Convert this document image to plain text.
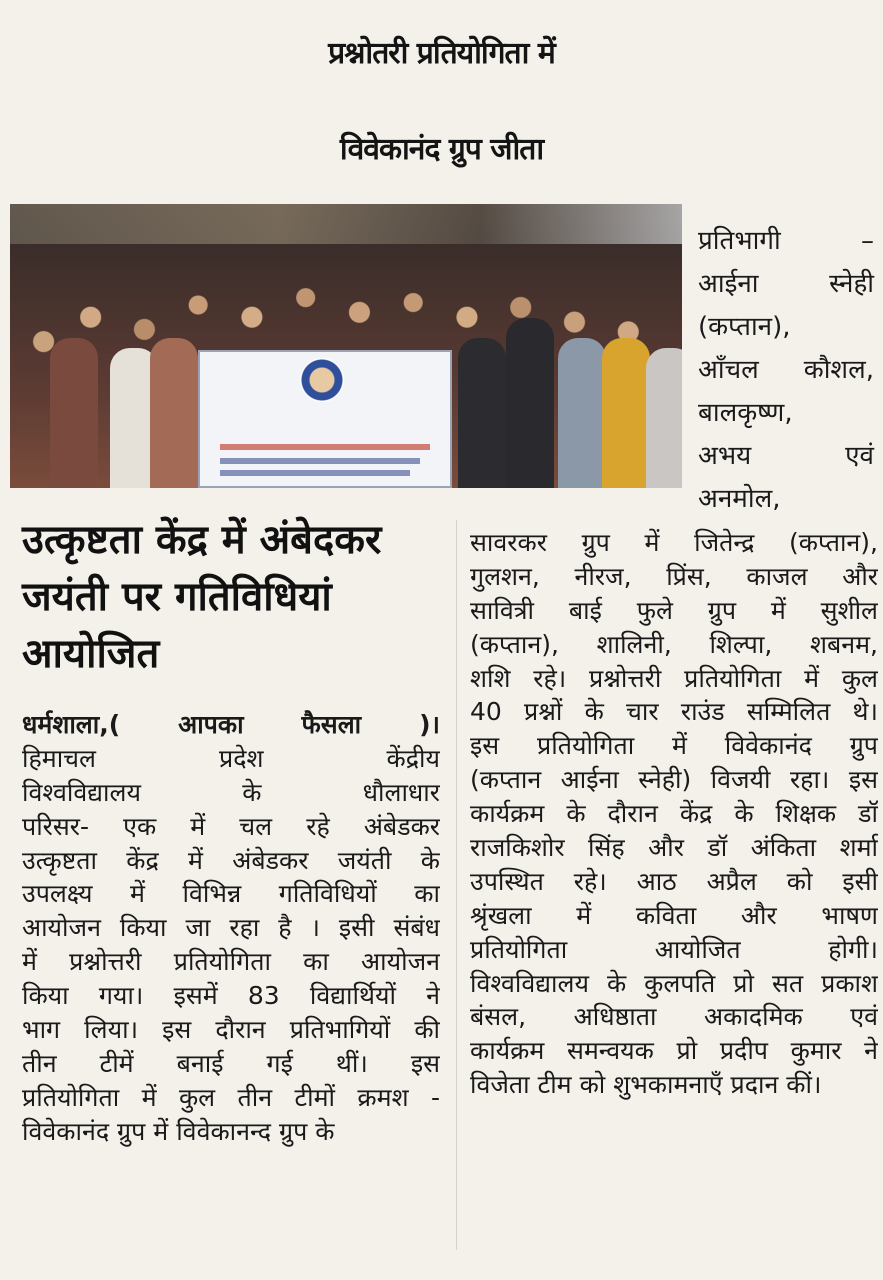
प्रश्नोतरी प्रतियोगिता में
विवेकानंद ग्रुप जीता
प्रतिभागी –
आईना स्नेही
(कप्तान),
आँचल कौशल,
बालकृष्ण,
अभय एवं
अनमोल,
उत्कृष्टता केंद्र में अंबेदकर
जयंती पर गतिविधियां
आयोजित
धर्मशाला,( आपका फैसला )।
हिमाचल प्रदेश केंद्रीय
विश्वविद्यालय के धौलाधार
परिसर- एक में चल रहे अंबेडकर
उत्कृष्टता केंद्र में अंबेडकर जयंती के
उपलक्ष्य में विभिन्न गतिविधियों का
आयोजन किया जा रहा है । इसी संबंध
में प्रश्नोत्तरी प्रतियोगिता का आयोजन
किया गया। इसमें 83 विद्यार्थियों ने
भाग लिया। इस दौरान प्रतिभागियों की
तीन टीमें बनाई गई थीं। इस
प्रतियोगिता में कुल तीन टीमों क्रमश -
विवेकानंद ग्रुप में विवेकानन्द ग्रुप के
सावरकर ग्रुप में जितेन्द्र (कप्तान),
गुलशन, नीरज, प्रिंस, काजल और
सावित्री बाई फुले ग्रुप में सुशील
(कप्तान), शालिनी, शिल्पा, शबनम,
शशि रहे। प्रश्नोत्तरी प्रतियोगिता में कुल
40 प्रश्नों के चार राउंड सम्मिलित थे।
इस प्रतियोगिता में विवेकानंद ग्रुप
(कप्तान आईना स्नेही) विजयी रहा। इस
कार्यक्रम के दौरान केंद्र के शिक्षक डॉ
राजकिशोर सिंह और डॉ अंकिता शर्मा
उपस्थित रहे। आठ अप्रैल को इसी
श्रृंखला में कविता और भाषण
प्रतियोगिता आयोजित होगी।
विश्वविद्यालय के कुलपति प्रो सत प्रकाश
बंसल, अधिष्ठाता अकादमिक एवं
कार्यक्रम समन्वयक प्रो प्रदीप कुमार ने
विजेता टीम को शुभकामनाएँ प्रदान कीं।
